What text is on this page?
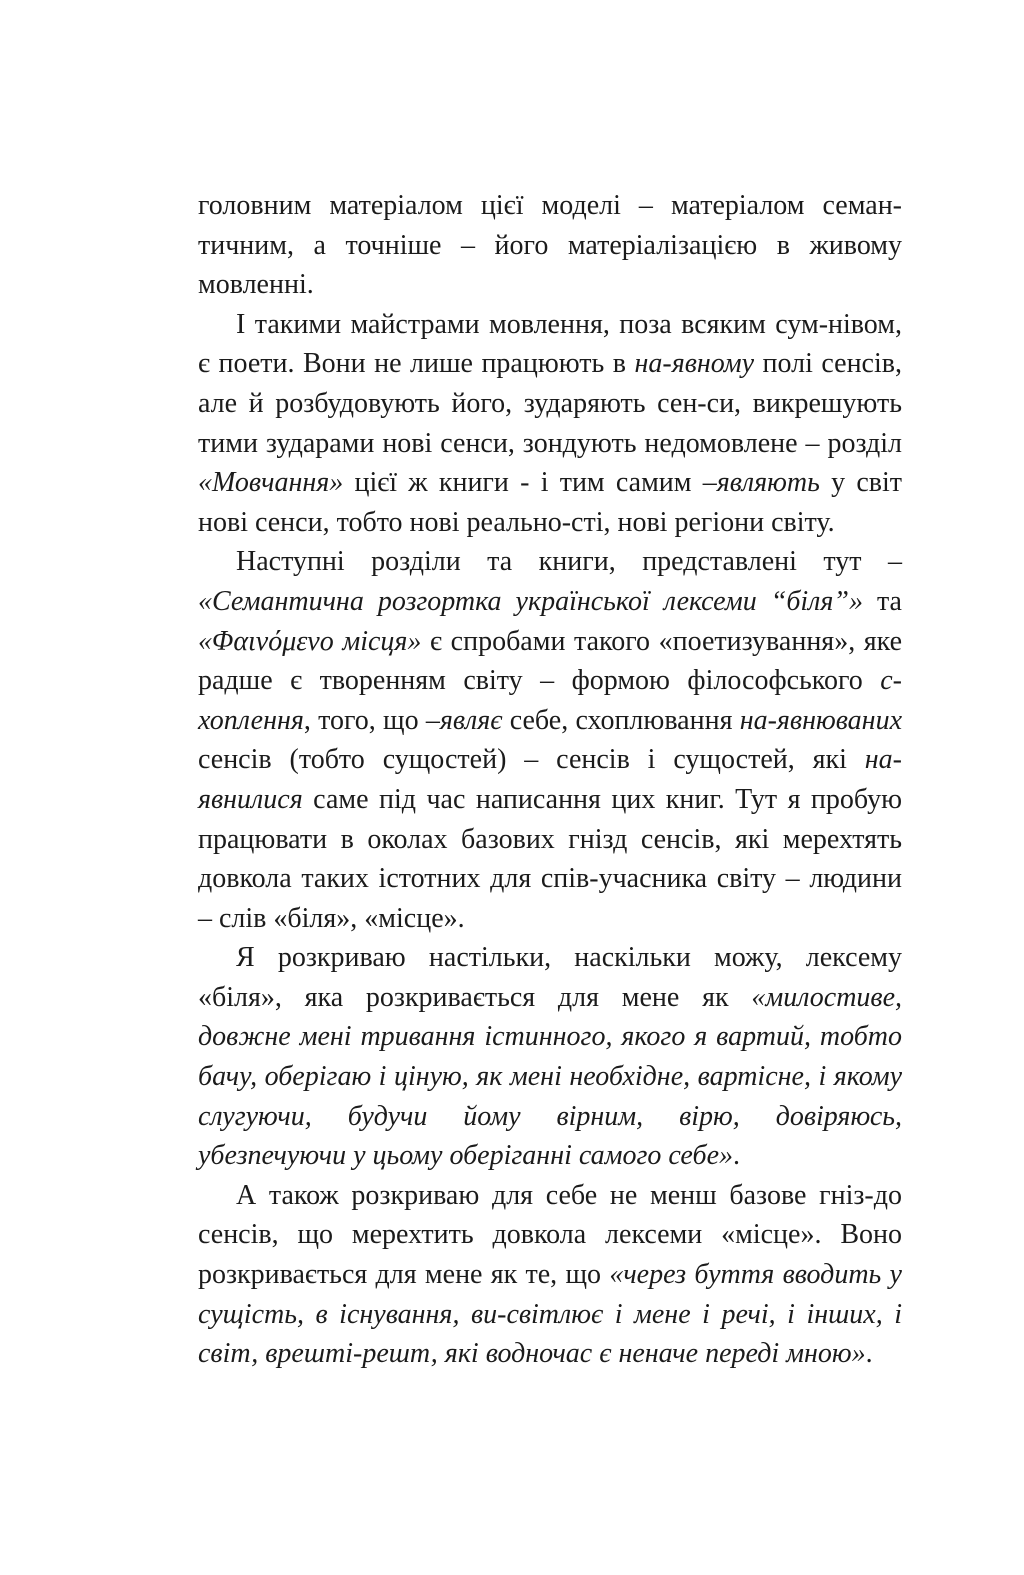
головним матеріалом цієї моделі – матеріалом семан-тичним, а точніше – його матеріалізацією в живому мовленні.

І такими майстрами мовлення, поза всяким сум-нівом, є поети. Вони не лише працюють в на-явному полі сенсів, але й розбудовують його, зударяють сен-си, викрешують тими зударами нові сенси, зондують недомовлене – розділ «Мовчання» цієї ж книги - і тим самим –являють у світ нові сенси, тобто нові реально-сті, нові регіони світу.

Наступні розділи та книги, представлені тут – «Семантична розгортка української лексеми “біля”» та «Φαινόμενο місця» є спробами такого «поетизування», яке радше є творенням світу – формою філософського с-хоплення, того, що –являє себе, схоплювання на-явнюваних сенсів (тобто сущостей) – сенсів і сущостей, які на-явнилися саме під час написання цих книг. Тут я пробую працювати в околах базових гнізд сенсів, які мерехтять довкола таких істотних для спів-учасника світу – людини – слів «біля», «місце».

Я розкриваю настільки, наскільки можу, лексему «біля», яка розкривається для мене як «милостиве, довжне мені тривання істинного, якого я вартий, тобто бачу, оберігаю і ціную, як мені необхідне, вартісне, і якому слугуючи, будучи йому вірним, вірю, довіряюсь, убезпечуючи у цьому оберіганні самого себе».

А також розкриваю для себе не менш базове гніз-до сенсів, що мерехтить довкола лексеми «місце». Воно розкривається для мене як те, що «через буття вводить у сущість, в існування, ви-світлює і мене і речі, і інших, і світ, врешті-решт, які водночас є неначе переді мною».
